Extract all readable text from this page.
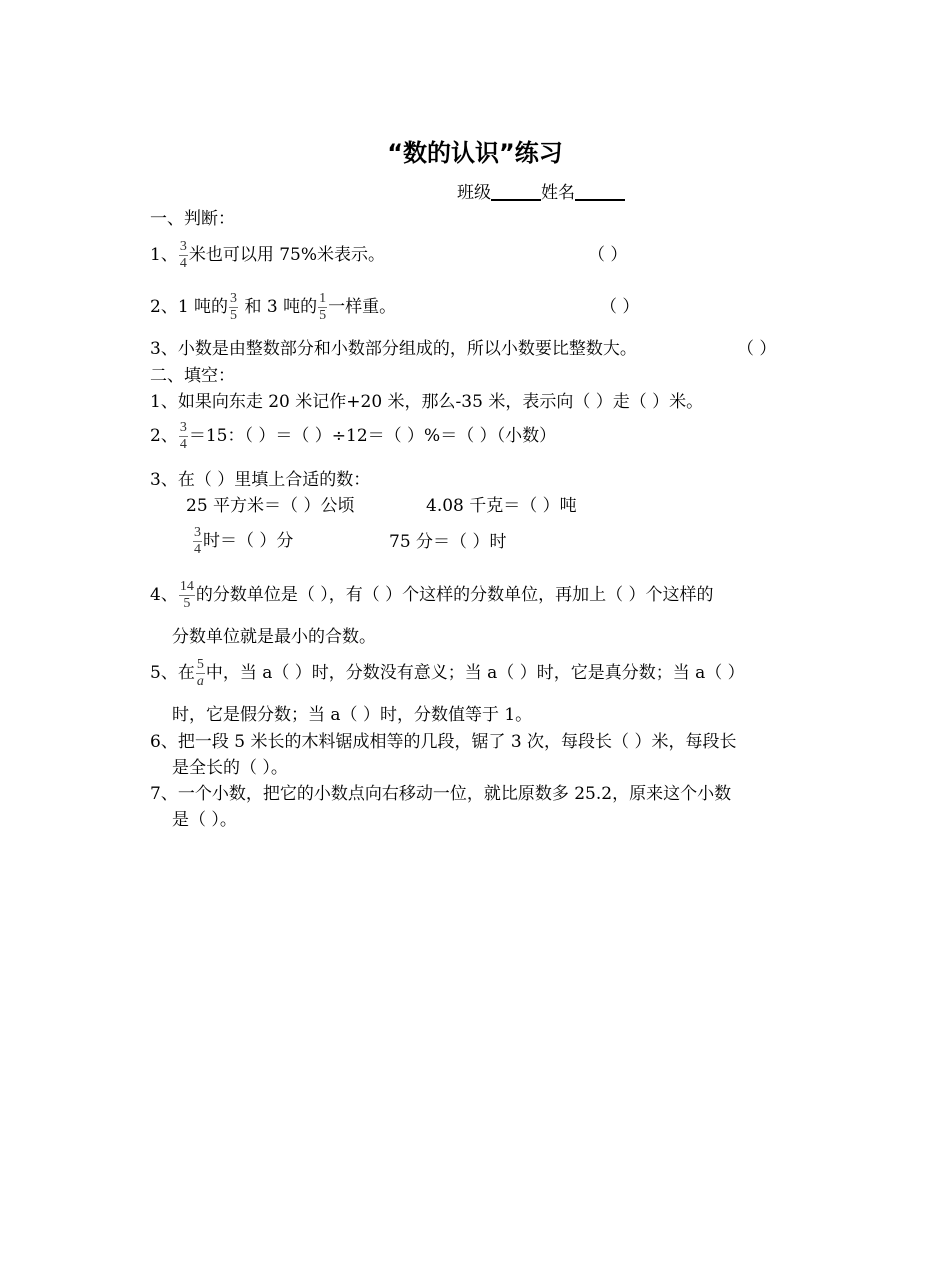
“数的认识”练习
班级	姓名
一、判断：
1、 $\frac{3}{4}$ 米也可以用 75%米表示。	（ ）
2、1 吨的 $\frac{3}{5}$ 和 3 吨的 $\frac{1}{5}$ 一样重。	（ ）
3、小数是由整数部分和小数部分组成的，所以小数要比整数大。	（ ）
二、填空：
1、如果向东走 20 米记作+20 米，那么-35 米，表示向（ ）走（ ）米。
2、 $\frac{3}{4} =15$：（ ）＝（ ）÷12＝（ ）%＝（ ）（小数）
3、在（ ）里填上合适的数：
25 平方米＝（ ）公顷	4.08 千克＝（ ）吨
$\frac{3}{4}$ 时＝（ ）分	75 分＝（ ）时
4、 $\frac{14}{5}$ 的分数单位是（ ），有（ ）个这样的分数单位，再加上（ ）个这样的
分数单位就是最小的合数。
5、在 $\frac{5}{a}$ 中，当 a（ ）时，分数没有意义；当 a（ ）时，它是真分数；当 a（ ）
时，它是假分数；当 a（ ）时，分数值等于 1。
6、把一段 5 米长的木料锯成相等的几段，锯了 3 次，每段长（ ）米，每段长
是全长的（ ）。
7、一个小数，把它的小数点向右移动一位，就比原数多 25.2，原来这个小数
是（ ）。
